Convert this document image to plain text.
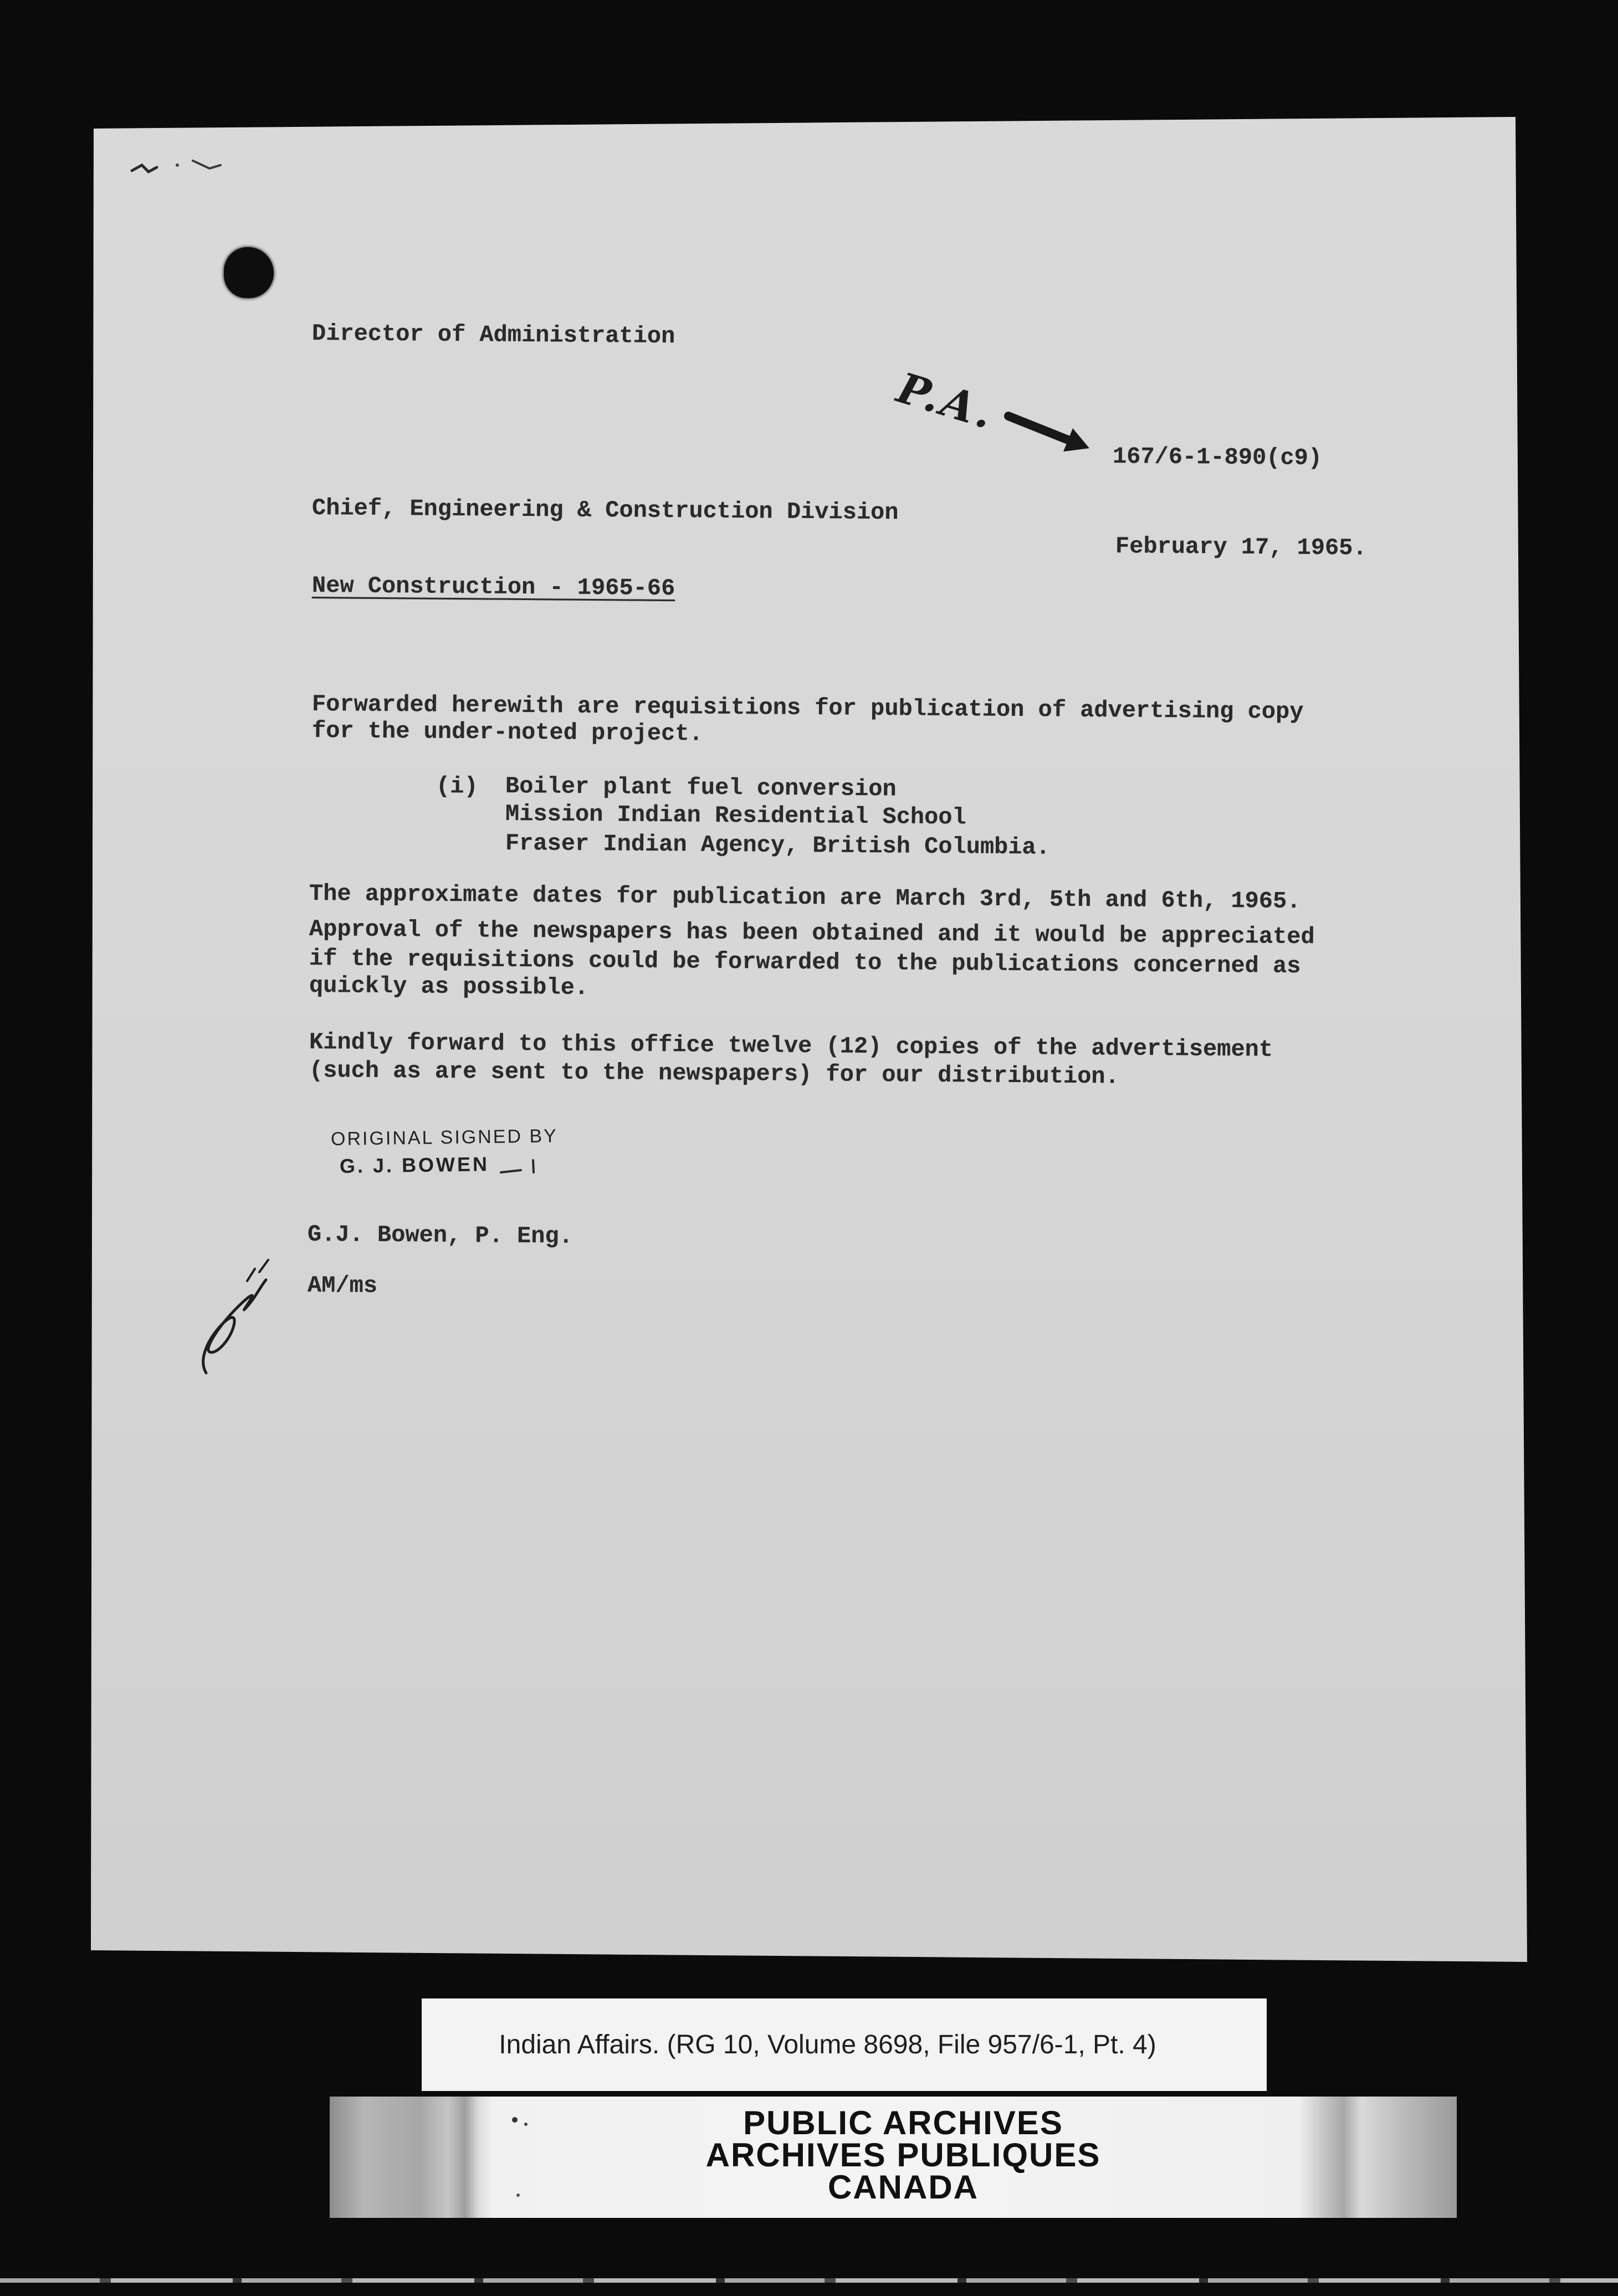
Director of Administration
P.A.
167/6-1-890(c9)
Chief, Engineering & Construction Division
February 17, 1965.
New Construction - 1965-66
Forwarded herewith are requisitions for publication of advertising copy
for the under-noted project.
(i) Boiler plant fuel conversion
Mission Indian Residential School
Fraser Indian Agency, British Columbia.
The approximate dates for publication are March 3rd, 5th and 6th, 1965.
Approval of the newspapers has been obtained and it would be appreciated
if the requisitions could be forwarded to the publications concerned as
quickly as possible.
Kindly forward to this office twelve (12) copies of the advertisement
(such as are sent to the newspapers) for our distribution.
ORIGINAL SIGNED BY
G. J. BOWEN
G.J. Bowen, P. Eng.
AM/ms
Indian Affairs. (RG 10, Volume 8698, File 957/6-1, Pt. 4)
PUBLIC ARCHIVES
ARCHIVES PUBLIQUES
CANADA
